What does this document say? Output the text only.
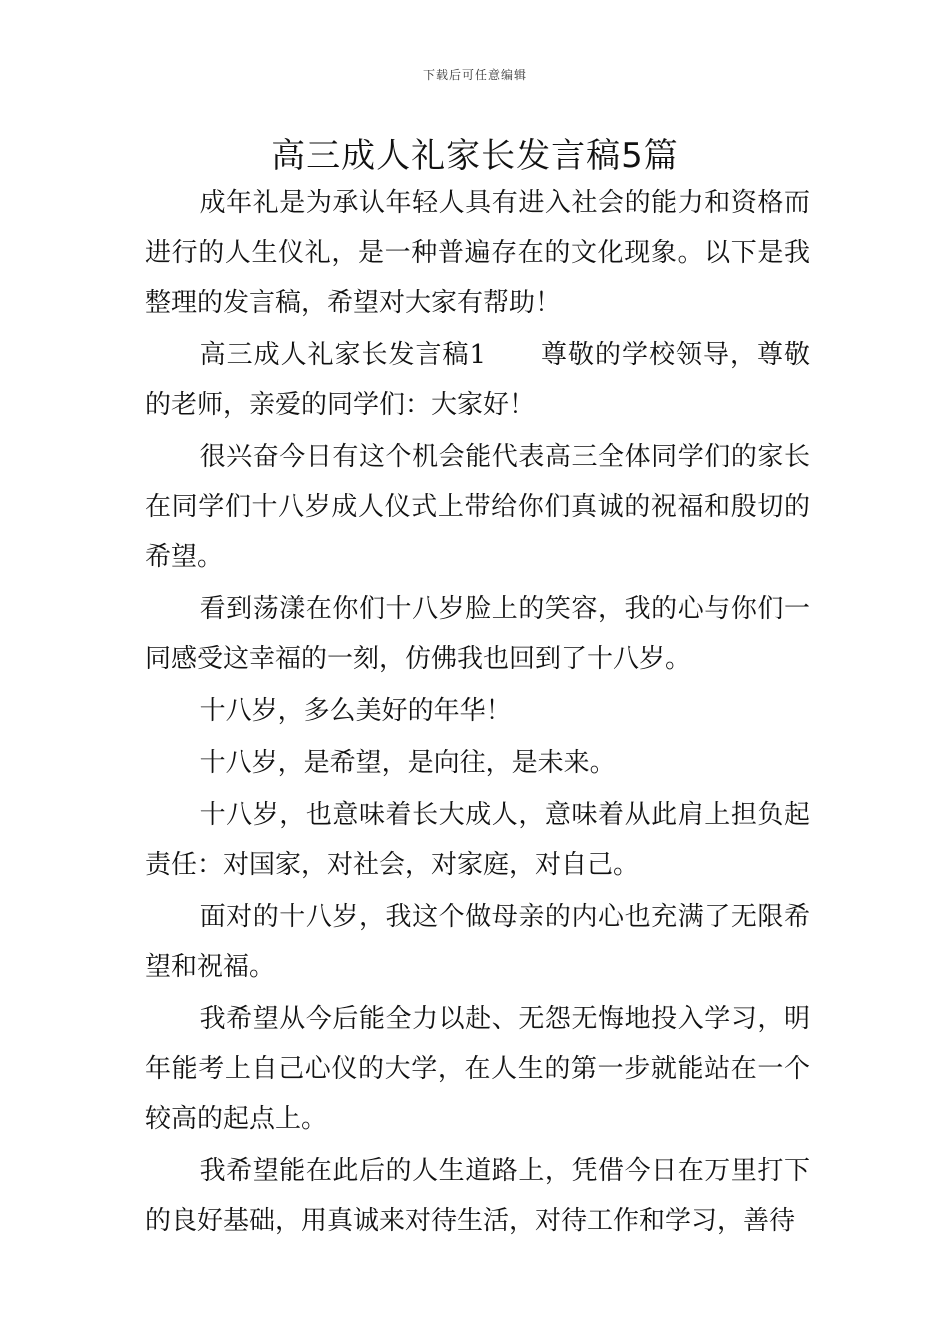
下载后可任意编辑
高三成人礼家长发言稿5篇

成年礼是为承认年轻人具有进入社会的能力和资格而进行的人生仪礼，是一种普遍存在的文化现象。以下是我整理的发言稿，希望对大家有帮助！

高三成人礼家长发言稿1　　尊敬的学校领导，尊敬的老师，亲爱的同学们：大家好！

很兴奋今日有这个机会能代表高三全体同学们的家长在同学们十八岁成人仪式上带给你们真诚的祝福和殷切的希望。

看到荡漾在你们十八岁脸上的笑容，我的心与你们一同感受这幸福的一刻，仿佛我也回到了十八岁。

十八岁，多么美好的年华！

十八岁，是希望，是向往，是未来。

十八岁，也意味着长大成人，意味着从此肩上担负起责任：对国家，对社会，对家庭，对自己。

面对的十八岁，我这个做母亲的内心也充满了无限希望和祝福。

我希望从今后能全力以赴、无怨无悔地投入学习，明年能考上自己心仪的大学，在人生的第一步就能站在一个较高的起点上。

我希望能在此后的人生道路上，凭借今日在万里打下的良好基础，用真诚来对待生活，对待工作和学习，善待
